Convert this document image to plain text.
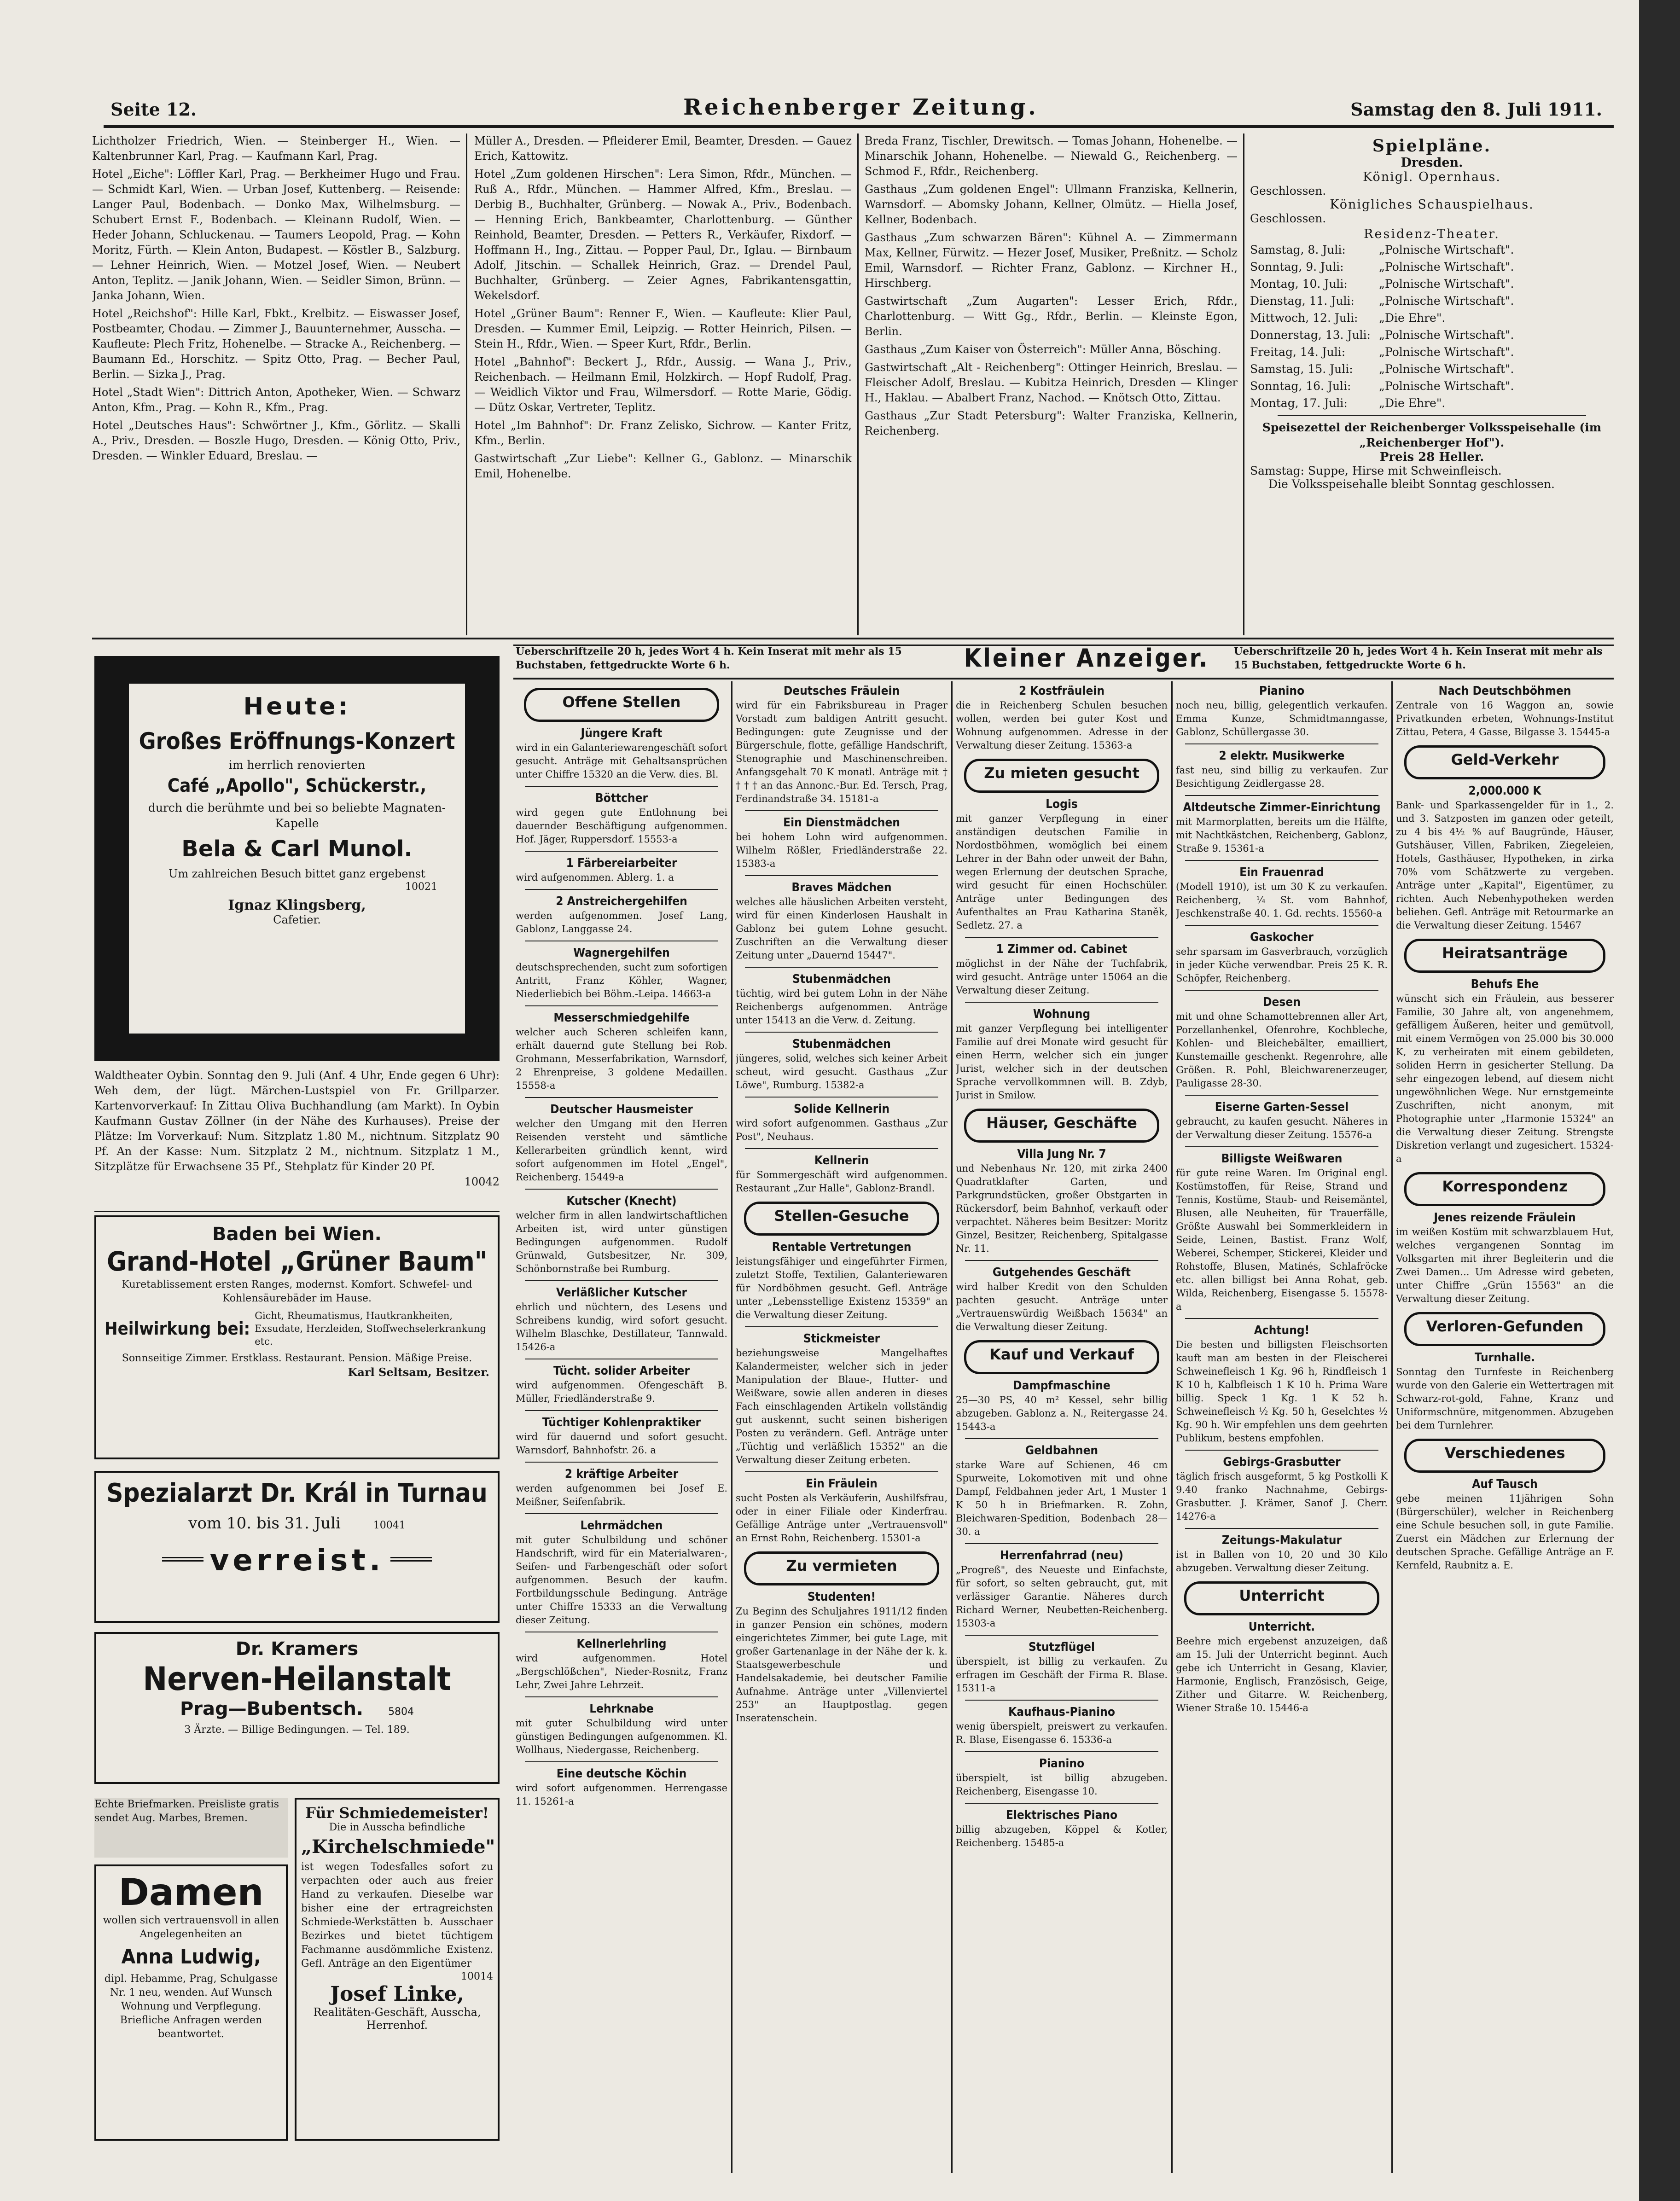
Seite 12.	Reichenberger Zeitung.	Samstag den 8. Juli 1911.

Lichtholzer Friedrich, Wien. — Steinberger H., Wien. — Kaltenbrunner Karl, Prag. — Kaufmann Karl, Prag.

Hotel „Eiche": Löffler Karl, Prag. — Berkheimer Hugo und Frau. — Schmidt Karl, Wien. — Urban Josef, Kuttenberg. — Reisende: Langer Paul, Bodenbach. — Donko Max, Wilhelmsburg. — Schubert Ernst F., Bodenbach. — Kleinann Rudolf, Wien. — Heder Johann, Schluckenau. — Taumers Leopold, Prag. — Kohn Moritz, Fürth. — Klein Anton, Budapest. — Köstler B., Salzburg. — Lehner Heinrich, Wien. — Motzel Josef, Wien. — Neubert Anton, Teplitz. — Janik Johann, Wien. — Seidler Simon, Brünn. — Janka Johann, Wien.

Hotel „Reichshof": Hille Karl, Fbkt., Krelbitz. — Eiswasser Josef, Postbeamter, Chodau. — Zimmer J., Bauunternehmer, Ausscha. — Kaufleute: Plech Fritz, Hohenelbe. — Stracke A., Reichenberg. — Baumann Ed., Horschitz. — Spitz Otto, Prag. — Becher Paul, Berlin. — Sizka J., Prag.

Hotel „Stadt Wien": Dittrich Anton, Apotheker, Wien. — Schwarz Anton, Kfm., Prag. — Kohn R., Kfm., Prag.

Hotel „Deutsches Haus": Schwörtner J., Kfm., Görlitz. — Skalli A., Priv., Dresden. — Boszle Hugo, Dresden. — König Otto, Priv., Dresden. — Winkler Eduard, Breslau. —

Müller A., Dresden. — Pfleiderer Emil, Beamter, Dresden. — Gauez Erich, Kattowitz.

Hotel „Zum goldenen Hirschen": Lera Simon, Rfdr., München. — Ruß A., Rfdr., München. — Hammer Alfred, Kfm., Breslau. — Derbig B., Buchhalter, Grünberg. — Nowak A., Priv., Bodenbach. — Henning Erich, Bankbeamter, Charlottenburg. — Günther Reinhold, Beamter, Dresden. — Petters R., Verkäufer, Rixdorf. — Hoffmann H., Ing., Zittau. — Popper Paul, Dr., Iglau. — Birnbaum Adolf, Jitschin. — Schallek Heinrich, Graz. — Drendel Paul, Buchhalter, Grünberg. — Zeier Agnes, Fabrikantensgattin, Wekelsdorf.

Hotel „Grüner Baum": Renner F., Wien. — Kaufleute: Klier Paul, Dresden. — Kummer Emil, Leipzig. — Rotter Heinrich, Pilsen. — Stein H., Rfdr., Wien. — Speer Kurt, Rfdr., Berlin.

Hotel „Bahnhof": Beckert J., Rfdr., Aussig. — Wana J., Priv., Reichenbach. — Heilmann Emil, Holzkirch. — Hopf Rudolf, Prag. — Weidlich Viktor und Frau, Wilmersdorf. — Rotte Marie, Gödig. — Dütz Oskar, Vertreter, Teplitz.

Hotel „Im Bahnhof": Dr. Franz Zelisko, Sichrow. — Kanter Fritz, Kfm., Berlin.

Gastwirtschaft „Zur Liebe": Kellner G., Gablonz. — Minarschik Emil, Hohenelbe.

Breda Franz, Tischler, Drewitsch. — Tomas Johann, Hohenelbe. — Minarschik Johann, Hohenelbe. — Niewald G., Reichenberg. — Schmod F., Rfdr., Reichenberg.

Gasthaus „Zum goldenen Engel": Ullmann Franziska, Kellnerin, Warnsdorf. — Abomsky Johann, Kellner, Olmütz. — Hiella Josef, Kellner, Bodenbach.

Gasthaus „Zum schwarzen Bären": Kühnel A. — Zimmermann Max, Kellner, Fürwitz. — Hezer Josef, Musiker, Preßnitz. — Scholz Emil, Warnsdorf. — Richter Franz, Gablonz. — Kirchner H., Hirschberg.

Gastwirtschaft „Zum Augarten": Lesser Erich, Rfdr., Charlottenburg. — Witt Gg., Rfdr., Berlin. — Kleinste Egon, Berlin.

Gasthaus „Zum Kaiser von Österreich": Müller Anna, Bösching.

Gastwirtschaft „Alt - Reichenberg": Ottinger Heinrich, Breslau. — Fleischer Adolf, Breslau. — Kubitza Heinrich, Dresden — Klinger H., Haklau. — Abalbert Franz, Nachod. — Knötsch Otto, Zittau.

Gasthaus „Zur Stadt Petersburg": Walter Franziska, Kellnerin, Reichenberg.

Spielpläne.
Dresden.
Königl. Opernhaus.
Geschlossen.
Königliches Schauspielhaus.
Geschlossen.
Residenz-Theater.
Samstag, 8. Juli:	„Polnische Wirtschaft".
Sonntag, 9. Juli:	„Polnische Wirtschaft".
Montag, 10. Juli:	„Polnische Wirtschaft".
Dienstag, 11. Juli:	„Polnische Wirtschaft".
Mittwoch, 12. Juli:	„Die Ehre".
Donnerstag, 13. Juli: „Polnische Wirtschaft".
Freitag, 14. Juli:	„Polnische Wirtschaft".
Samstag, 15. Juli:	„Polnische Wirtschaft".
Sonntag, 16. Juli:	„Polnische Wirtschaft".
Montag, 17. Juli:	„Die Ehre".
Speisezettel der Reichenberger Volksspeisehalle (im „Reichenberger Hof").
Preis 28 Heller.
Samstag: Suppe, Hirse mit Schweinfleisch.
Die Volksspeisehalle bleibt Sonntag geschlossen.
Heute:
Großes Eröffnungs-Konzert
im herrlich renovierten
Café „Apollo", Schückerstr.,
durch die berühmte und bei so beliebte Magnaten-Kapelle
Bela & Carl Munol.
Um zahlreichen Besuch bittet ganz ergebenst
10021
Ignaz Klingsberg,
Cafetier.
Waldtheater Oybin. Sonntag den 9. Juli (Anf. 4 Uhr, Ende gegen 6 Uhr): Weh dem, der lügt. Märchen-Lustspiel von Fr. Grillparzer. Kartenvorverkauf: In Zittau Oliva Buchhandlung (am Markt). In Oybin Kaufmann Gustav Zöllner (in der Nähe des Kurhauses). Preise der Plätze: Im Vorverkauf: Num. Sitzplatz 1.80 M., nichtnum. Sitzplatz 90 Pf. An der Kasse: Num. Sitzplatz 2 M., nichtnum. Sitzplatz 1 M., Sitzplätze für Erwachsene 35 Pf., Stehplatz für Kinder 20 Pf.
10042
Baden bei Wien.
Grand-Hotel „Grüner Baum"
Kuretablissement ersten Ranges, modernst. Komfort. Schwefel- und Kohlensäurebäder im Hause.
Heilwirkung bei:
Gicht, Rheumatismus, Hautkrankheiten, Exsudate, Herzleiden, Stoffwechselerkrankung etc.
Sonnseitige Zimmer. Erstklass. Restaurant. Pension. Mäßige Preise.
Karl Seltsam, Besitzer.
Spezialarzt Dr. Král in Turnau
vom 10. bis 31. Juli	10041
verreist.
Dr. Kramers
Nerven-Heilanstalt
Prag—Bubentsch. 5804
3 Ärzte. — Billige Bedingungen. — Tel. 189.
Echte Briefmarken. Preisliste gratis sendet Aug. Marbes, Bremen.
Damen
wollen sich vertrauensvoll in allen Angelegenheiten an
Anna Ludwig,
dipl. Hebamme, Prag, Schulgasse Nr. 1 neu, wenden. Auf Wunsch Wohnung und Verpflegung. Briefliche Anfragen werden beantwortet.
Für Schmiedemeister!
Die in Ausscha befindliche
„Kirchelschmiede"
ist wegen Todesfalles sofort zu verpachten oder auch aus freier Hand zu verkaufen. Dieselbe war bisher eine der ertragreichsten Schmiede-Werkstätten b. Ausschaer Bezirkes und bietet tüchtigem Fachmanne ausdömmliche Existenz. Gefl. Anträge an den Eigentümer
10014
Josef Linke,
Realitäten-Geschäft, Ausscha, Herrenhof.
Ueberschriftzeile 20 h, jedes Wort 4 h. Kein Inserat mit mehr als 15 Buchstaben, fettgedruckte Worte 6 h.	Kleiner Anzeiger.	Ueberschriftzeile 20 h, jedes Wort 4 h. Kein Inserat mit mehr als 15 Buchstaben, fettgedruckte Worte 6 h.
Offene Stellen
Jüngere Kraft

wird in ein Galanteriewarengeschäft sofort gesucht. Anträge mit Gehaltsansprüchen unter Chiffre 15320 an die Verw. dies. Bl.

Böttcher

wird gegen gute Entlohnung bei dauernder Beschäftigung aufgenommen. Hof. Jäger, Ruppersdorf. 15553-a

1 Färbereiarbeiter

wird aufgenommen. Ablerg. 1. a

2 Anstreichergehilfen

werden aufgenommen. Josef Lang, Gablonz, Langgasse 24.

Wagnergehilfen

deutschsprechenden, sucht zum sofortigen Antritt, Franz Köhler, Wagner, Niederliebich bei Böhm.-Leipa. 14663-a

Messerschmiedgehilfe

welcher auch Scheren schleifen kann, erhält dauernd gute Stellung bei Rob. Grohmann, Messerfabrikation, Warnsdorf, 2 Ehrenpreise, 3 goldene Medaillen. 15558-a

Deutscher Hausmeister

welcher den Umgang mit den Herren Reisenden versteht und sämtliche Kellerarbeiten gründlich kennt, wird sofort aufgenommen im Hotel „Engel", Reichenberg. 15449-a

Kutscher (Knecht)

welcher firm in allen landwirtschaftlichen Arbeiten ist, wird unter günstigen Bedingungen aufgenommen. Rudolf Grünwald, Gutsbesitzer, Nr. 309, Schönbornstraße bei Rumburg.

Verläßlicher Kutscher

ehrlich und nüchtern, des Lesens und Schreibens kundig, wird sofort gesucht. Wilhelm Blaschke, Destillateur, Tannwald. 15426-a

Tücht. solider Arbeiter

wird aufgenommen. Ofengeschäft B. Müller, Friedländerstraße 9.

Tüchtiger Kohlenpraktiker

wird für dauernd und sofort gesucht. Warnsdorf, Bahnhofstr. 26. a

2 kräftige Arbeiter

werden aufgenommen bei Josef E. Meißner, Seifenfabrik.

Lehrmädchen

mit guter Schulbildung und schöner Handschrift, wird für ein Materialwaren-, Seifen- und Farbengeschäft oder sofort aufgenommen. Besuch der kaufm. Fortbildungsschule Bedingung. Anträge unter Chiffre 15333 an die Verwaltung dieser Zeitung.

Kellnerlehrling

wird aufgenommen. Hotel „Bergschlößchen", Nieder-Rosnitz, Franz Lehr, Zwei Jahre Lehrzeit.

Lehrknabe

mit guter Schulbildung wird unter günstigen Bedingungen aufgenommen. Kl. Wollhaus, Niedergasse, Reichenberg.

Eine deutsche Köchin

wird sofort aufgenommen. Herrengasse 11. 15261-a

Deutsches Fräulein

wird für ein Fabriksbureau in Prager Vorstadt zum baldigen Antritt gesucht. Bedingungen: gute Zeugnisse und der Bürgerschule, flotte, gefällige Handschrift, Stenographie und Maschinenschreiben. Anfangsgehalt 70 K monatl. Anträge mit † † † † an das Annonc.-Bur. Ed. Tersch, Prag, Ferdinandstraße 34. 15181-a

Ein Dienstmädchen

bei hohem Lohn wird aufgenommen. Wilhelm Rößler, Friedländerstraße 22. 15383-a

Braves Mädchen

welches alle häuslichen Arbeiten versteht, wird für einen Kinderlosen Haushalt in Gablonz bei gutem Lohne gesucht. Zuschriften an die Verwaltung dieser Zeitung unter „Dauernd 15447".

Stubenmädchen

tüchtig, wird bei gutem Lohn in der Nähe Reichenbergs aufgenommen. Anträge unter 15413 an die Verw. d. Zeitung.

Stubenmädchen

jüngeres, solid, welches sich keiner Arbeit scheut, wird gesucht. Gasthaus „Zur Löwe", Rumburg. 15382-a

Solide Kellnerin

wird sofort aufgenommen. Gasthaus „Zur Post", Neuhaus.

Kellnerin

für Sommergeschäft wird aufgenommen. Restaurant „Zur Halle", Gablonz-Brandl.

Stellen-Gesuche
Rentable Vertretungen

leistungsfähiger und eingeführter Firmen, zuletzt Stoffe, Textilien, Galanteriewaren für Nordböhmen gesucht. Gefl. Anträge unter „Lebensstellige Existenz 15359" an die Verwaltung dieser Zeitung.

Stickmeister

beziehungsweise Mangelhaftes Kalandermeister, welcher sich in jeder Manipulation der Blaue-, Hutter- und Weißware, sowie allen anderen in dieses Fach einschlagenden Artikeln vollständig gut auskennt, sucht seinen bisherigen Posten zu verändern. Gefl. Anträge unter „Tüchtig und verläßlich 15352" an die Verwaltung dieser Zeitung erbeten.

Ein Fräulein

sucht Posten als Verkäuferin, Aushilfsfrau, oder in einer Filiale oder Kinderfrau. Gefällige Anträge unter „Vertrauensvoll" an Ernst Rohn, Reichenberg. 15301-a

Zu vermieten
Studenten!

Zu Beginn des Schuljahres 1911/12 finden in ganzer Pension ein schönes, modern eingerichtetes Zimmer, bei gute Lage, mit großer Gartenanlage in der Nähe der k. k. Staatsgewerbeschule und Handelsakademie, bei deutscher Familie Aufnahme. Anträge unter „Villenviertel 253" an Hauptpostlag. gegen Inseratenschein.

2 Kostfräulein

die in Reichenberg Schulen besuchen wollen, werden bei guter Kost und Wohnung aufgenommen. Adresse in der Verwaltung dieser Zeitung. 15363-a

Zu mieten gesucht
Logis

mit ganzer Verpflegung in einer anständigen deutschen Familie in Nordostböhmen, womöglich bei einem Lehrer in der Bahn oder unweit der Bahn, wegen Erlernung der deutschen Sprache, wird gesucht für einen Hochschüler. Anträge unter Bedingungen des Aufenthaltes an Frau Katharina Staněk, Sedletz. 27. a

1 Zimmer od. Cabinet

möglichst in der Nähe der Tuchfabrik, wird gesucht. Anträge unter 15064 an die Verwaltung dieser Zeitung.

Wohnung

mit ganzer Verpflegung bei intelligenter Familie auf drei Monate wird gesucht für einen Herrn, welcher sich ein junger Jurist, welcher sich in der deutschen Sprache vervollkommnen will. B. Zdyb, Jurist in Smilow.

Häuser, Geschäfte
Villa Jung Nr. 7

und Nebenhaus Nr. 120, mit zirka 2400 Quadratklafter Garten, und Parkgrundstücken, großer Obstgarten in Rückersdorf, beim Bahnhof, verkauft oder verpachtet. Näheres beim Besitzer: Moritz Ginzel, Besitzer, Reichenberg, Spitalgasse Nr. 11.

Gutgehendes Geschäft

wird halber Kredit von den Schulden pachten gesucht. Anträge unter „Vertrauenswürdig Weißbach 15634" an die Verwaltung dieser Zeitung.

Kauf und Verkauf
Dampfmaschine

25—30 PS, 40 m² Kessel, sehr billig abzugeben. Gablonz a. N., Reitergasse 24. 15443-a

Geldbahnen

starke Ware auf Schienen, 46 cm Spurweite, Lokomotiven mit und ohne Dampf, Feldbahnen jeder Art, 1 Muster 1 K 50 h in Briefmarken. R. Zohn, Bleichwaren-Spedition, Bodenbach 28—30. a

Herrenfahrrad (neu)

„Progreß", des Neueste und Einfachste, für sofort, so selten gebraucht, gut, mit verlässiger Garantie. Näheres durch Richard Werner, Neubetten-Reichenberg. 15303-a

Stutzflügel

überspielt, ist billig zu verkaufen. Zu erfragen im Geschäft der Firma R. Blase. 15311-a

Kaufhaus-Pianino

wenig überspielt, preiswert zu verkaufen. R. Blase, Eisengasse 6. 15336-a

Pianino

überspielt, ist billig abzugeben. Reichenberg, Eisengasse 10.

Elektrisches Piano

billig abzugeben, Köppel & Kotler, Reichenberg. 15485-a

Pianino

noch neu, billig, gelegentlich verkaufen. Emma Kunze, Schmidtmanngasse, Gablonz, Schüllergasse 30.

2 elektr. Musikwerke

fast neu, sind billig zu verkaufen. Zur Besichtigung Zeidlergasse 28.

Altdeutsche Zimmer-Einrichtung

mit Marmorplatten, bereits um die Hälfte, mit Nachtkästchen, Reichenberg, Gablonz, Straße 9. 15361-a

Ein Frauenrad

(Modell 1910), ist um 30 K zu verkaufen. Reichenberg, ¼ St. vom Bahnhof, Jeschkenstraße 40. 1. Gd. rechts. 15560-a

Gaskocher

sehr sparsam im Gasverbrauch, vorzüglich in jeder Küche verwendbar. Preis 25 K. R. Schöpfer, Reichenberg.

Desen

mit und ohne Schamottebrennen aller Art, Porzellanhenkel, Ofenrohre, Kochbleche, Kohlen- und Bleichebälter, emailliert, Kunstemaille geschenkt. Regenrohre, alle Größen. R. Pohl, Bleichwarenerzeuger, Pauligasse 28-30.

Eiserne Garten-Sessel

gebraucht, zu kaufen gesucht. Näheres in der Verwaltung dieser Zeitung. 15576-a

Billigste Weißwaren

für gute reine Waren. Im Original engl. Kostümstoffen, für Reise, Strand und Tennis, Kostüme, Staub- und Reisemäntel, Blusen, alle Neuheiten, für Trauerfälle, Größte Auswahl bei Sommerkleidern in Seide, Leinen, Bastist. Franz Wolf, Weberei, Schemper, Stickerei, Kleider und Rohstoffe, Blusen, Matinés, Schlafröcke etc. allen billigst bei Anna Rohat, geb. Wilda, Reichenberg, Eisengasse 5. 15578-a

Achtung!

Die besten und billigsten Fleischsorten kauft man am besten in der Fleischerei Schweinefleisch 1 Kg. 96 h, Rindfleisch 1 K 10 h, Kalbfleisch 1 K 10 h. Prima Ware billig. Speck 1 Kg. 1 K 52 h. Schweinefleisch ½ Kg. 50 h, Geselchtes ½ Kg. 90 h. Wir empfehlen uns dem geehrten Publikum, bestens empfohlen.

Gebirgs-Grasbutter

täglich frisch ausgeformt, 5 kg Postkolli K 9.40 franko Nachnahme, Gebirgs-Grasbutter. J. Krämer, Sanof J. Cherr. 14276-a

Zeitungs-Makulatur

ist in Ballen von 10, 20 und 30 Kilo abzugeben. Verwaltung dieser Zeitung.

Unterricht
Unterricht.

Beehre mich ergebenst anzuzeigen, daß am 15. Juli der Unterricht beginnt. Auch gebe ich Unterricht in Gesang, Klavier, Harmonie, Englisch, Französisch, Geige, Zither und Gitarre. W. Reichenberg, Wiener Straße 10. 15446-a

Nach Deutschböhmen

Zentrale von 16 Waggon an, sowie Privatkunden erbeten, Wohnungs-Institut Zittau, Petera, 4 Gasse, Bilgasse 3. 15445-a

Geld-Verkehr
2,000.000 K

Bank- und Sparkassengelder für in 1., 2. und 3. Satzposten im ganzen oder geteilt, zu 4 bis 4½ % auf Baugründe, Häuser, Gutshäuser, Villen, Fabriken, Ziegeleien, Hotels, Gasthäuser, Hypotheken, in zirka 70% vom Schätzwerte zu vergeben. Anträge unter „Kapital", Eigentümer, zu richten. Auch Nebenhypotheken werden beliehen. Gefl. Anträge mit Retourmarke an die Verwaltung dieser Zeitung. 15467

Heiratsanträge
Behufs Ehe

wünscht sich ein Fräulein, aus besserer Familie, 30 Jahre alt, von angenehmem, gefälligem Äußeren, heiter und gemütvoll, mit einem Vermögen von 25.000 bis 30.000 K, zu verheiraten mit einem gebildeten, soliden Herrn in gesicherter Stellung. Da sehr eingezogen lebend, auf diesem nicht ungewöhnlichen Wege. Nur ernstgemeinte Zuschriften, nicht anonym, mit Photographie unter „Harmonie 15324" an die Verwaltung dieser Zeitung. Strengste Diskretion verlangt und zugesichert. 15324-a

Korrespondenz
Jenes reizende Fräulein

im weißen Kostüm mit schwarzblauem Hut, welches vergangenen Sonntag im Volksgarten mit ihrer Begleiterin und die Zwei Damen... Um Adresse wird gebeten, unter Chiffre „Grün 15563" an die Verwaltung dieser Zeitung.

Verloren-Gefunden
Turnhalle.

Sonntag den Turnfeste in Reichenberg wurde von den Galerie ein Wettertragen mit Schwarz-rot-gold, Fahne, Kranz und Uniformschnüre, mitgenommen. Abzugeben bei dem Turnlehrer.

Verschiedenes
Auf Tausch

gebe meinen 11jährigen Sohn (Bürgerschüler), welcher in Reichenberg eine Schule besuchen soll, in gute Familie. Zuerst ein Mädchen zur Erlernung der deutschen Sprache. Gefällige Anträge an F. Kernfeld, Raubnitz a. E.
